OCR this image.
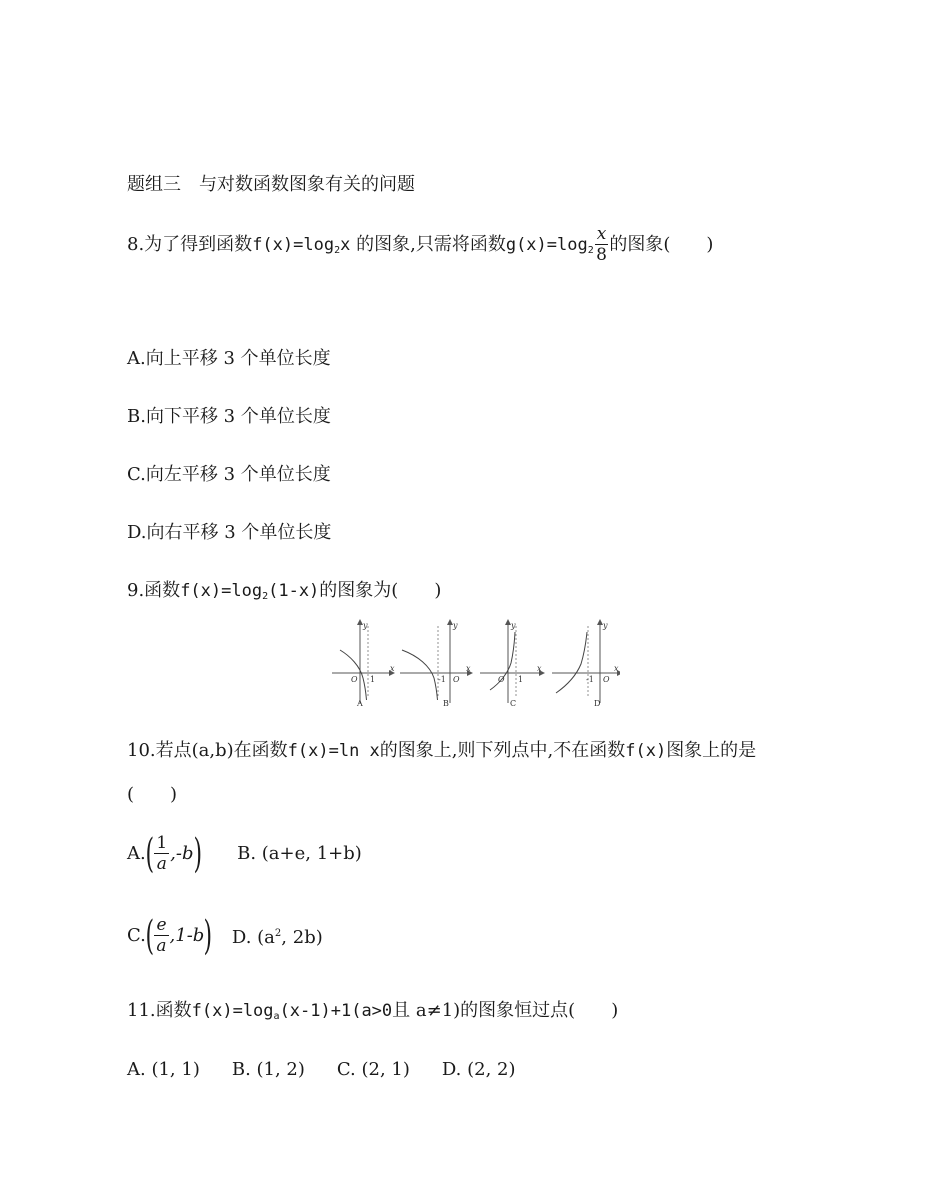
题组三　与对数函数图象有关的问题
8.为了得到函数$f(x)=\log_2x$ 的图象,只需将函数$g(x)=\log_2 \frac{x}{8}$ 的图象(　　)
A.向上平移 3 个单位长度
B.向下平移 3 个单位长度
C.向左平移 3 个单位长度
D.向右平移 3 个单位长度
9.函数$f(x)=\log_2(1-x)$的图象为(　　)
y
x
O 1
A
y
x
O
-1
B
y
x
O 1
C
y
x
O
-1
D
10.若点(a,b)在函数f(x)=ln x的图象上,则下列点中,不在函数f(x)图象上的是
(　　)
$A.( \frac{1}{a} ,-b)$ B. (a+e, 1+b)
$C.( \frac{e}{a} ,1-b)$ D. ($a^2$, 2b)
11.函数$f(x)=\log_a(x-1)+1(a>0$且 a≠1)的图象恒过点(　　)
A. (1, 1) B. (1, 2) C. (2, 1) D. (2, 2)
